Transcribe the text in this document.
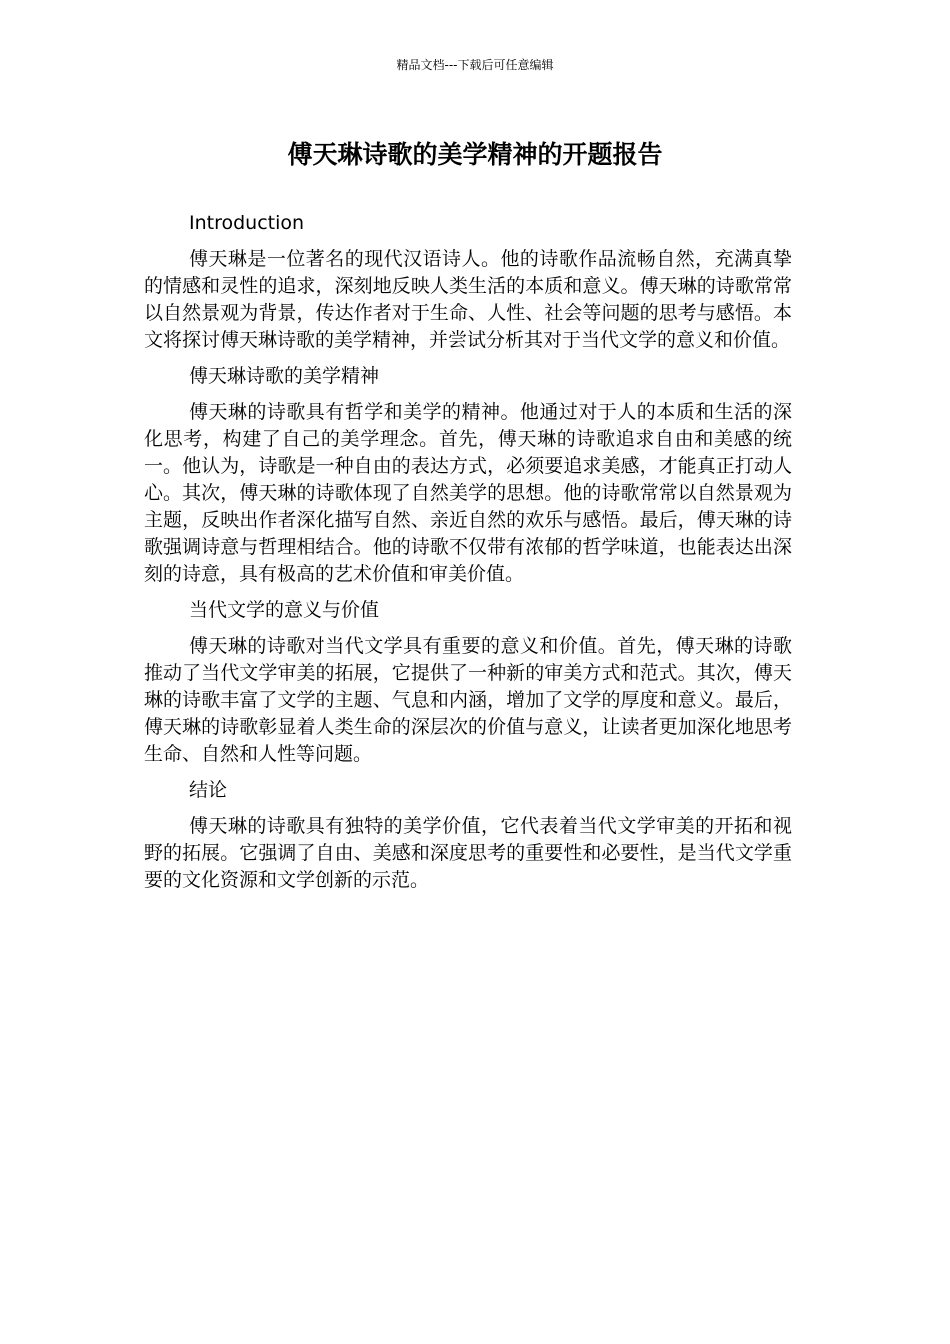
精品文档---下载后可任意编辑
傅天琳诗歌的美学精神的开题报告

Introduction

傅天琳是一位著名的现代汉语诗人。他的诗歌作品流畅自然，充满真挚的情感和灵性的追求，深刻地反映人类生活的本质和意义。傅天琳的诗歌常常以自然景观为背景，传达作者对于生命、人性、社会等问题的思考与感悟。本文将探讨傅天琳诗歌的美学精神，并尝试分析其对于当代文学的意义和价值。

傅天琳诗歌的美学精神

傅天琳的诗歌具有哲学和美学的精神。他通过对于人的本质和生活的深化思考，构建了自己的美学理念。首先，傅天琳的诗歌追求自由和美感的统一。他认为，诗歌是一种自由的表达方式，必须要追求美感，才能真正打动人心。其次，傅天琳的诗歌体现了自然美学的思想。他的诗歌常常以自然景观为主题，反映出作者深化描写自然、亲近自然的欢乐与感悟。最后，傅天琳的诗歌强调诗意与哲理相结合。他的诗歌不仅带有浓郁的哲学味道，也能表达出深刻的诗意，具有极高的艺术价值和审美价值。

当代文学的意义与价值

傅天琳的诗歌对当代文学具有重要的意义和价值。首先，傅天琳的诗歌推动了当代文学审美的拓展，它提供了一种新的审美方式和范式。其次，傅天琳的诗歌丰富了文学的主题、气息和内涵，增加了文学的厚度和意义。最后，傅天琳的诗歌彰显着人类生命的深层次的价值与意义，让读者更加深化地思考生命、自然和人性等问题。

结论

傅天琳的诗歌具有独特的美学价值，它代表着当代文学审美的开拓和视野的拓展。它强调了自由、美感和深度思考的重要性和必要性，是当代文学重要的文化资源和文学创新的示范。
